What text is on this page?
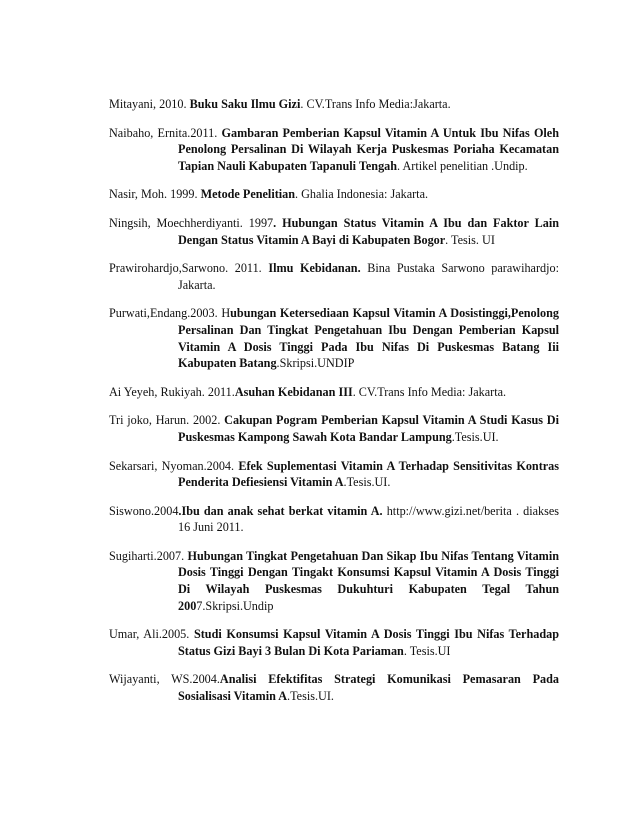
Mitayani, 2010. Buku Saku Ilmu Gizi. CV.Trans Info Media:Jakarta.

Naibaho, Ernita.2011. Gambaran Pemberian Kapsul Vitamin A Untuk Ibu Nifas Oleh Penolong Persalinan Di Wilayah Kerja Puskesmas Poriaha Kecamatan Tapian Nauli Kabupaten Tapanuli Tengah. Artikel penelitian .Undip.

Nasir, Moh. 1999. Metode Penelitian. Ghalia Indonesia: Jakarta.

Ningsih, Moechherdiyanti. 1997. Hubungan Status Vitamin A Ibu dan Faktor Lain Dengan Status Vitamin A Bayi di Kabupaten Bogor. Tesis. UI

Prawirohardjo,Sarwono. 2011. Ilmu Kebidanan. Bina Pustaka Sarwono parawihardjo: Jakarta.

Purwati,Endang.2003. Hubungan Ketersediaan Kapsul Vitamin A Dosistinggi,Penolong Persalinan Dan Tingkat Pengetahuan Ibu Dengan Pemberian Kapsul Vitamin A Dosis Tinggi Pada Ibu Nifas Di Puskesmas Batang Iii Kabupaten Batang.Skripsi.UNDIP

Ai Yeyeh, Rukiyah. 2011.Asuhan Kebidanan III. CV.Trans Info Media: Jakarta.

Tri joko, Harun. 2002. Cakupan Pogram Pemberian Kapsul Vitamin A Studi Kasus Di Puskesmas Kampong Sawah Kota Bandar Lampung.Tesis.UI.

Sekarsari, Nyoman.2004. Efek Suplementasi Vitamin A Terhadap Sensitivitas Kontras Penderita Defiesiensi Vitamin A.Tesis.UI.

Siswono.2004.Ibu dan anak sehat berkat vitamin A. http://www.gizi.net/berita . diakses 16 Juni 2011.

Sugiharti.2007. Hubungan Tingkat Pengetahuan Dan Sikap Ibu Nifas Tentang Vitamin Dosis Tinggi Dengan Tingakt Konsumsi Kapsul Vitamin A Dosis Tinggi Di Wilayah Puskesmas Dukuhturi Kabupaten Tegal Tahun 2007.Skripsi.Undip

Umar, Ali.2005. Studi Konsumsi Kapsul Vitamin A Dosis Tinggi Ibu Nifas Terhadap Status Gizi Bayi 3 Bulan Di Kota Pariaman. Tesis.UI

Wijayanti, WS.2004.Analisi Efektifitas Strategi Komunikasi Pemasaran Pada Sosialisasi Vitamin A.Tesis.UI.
